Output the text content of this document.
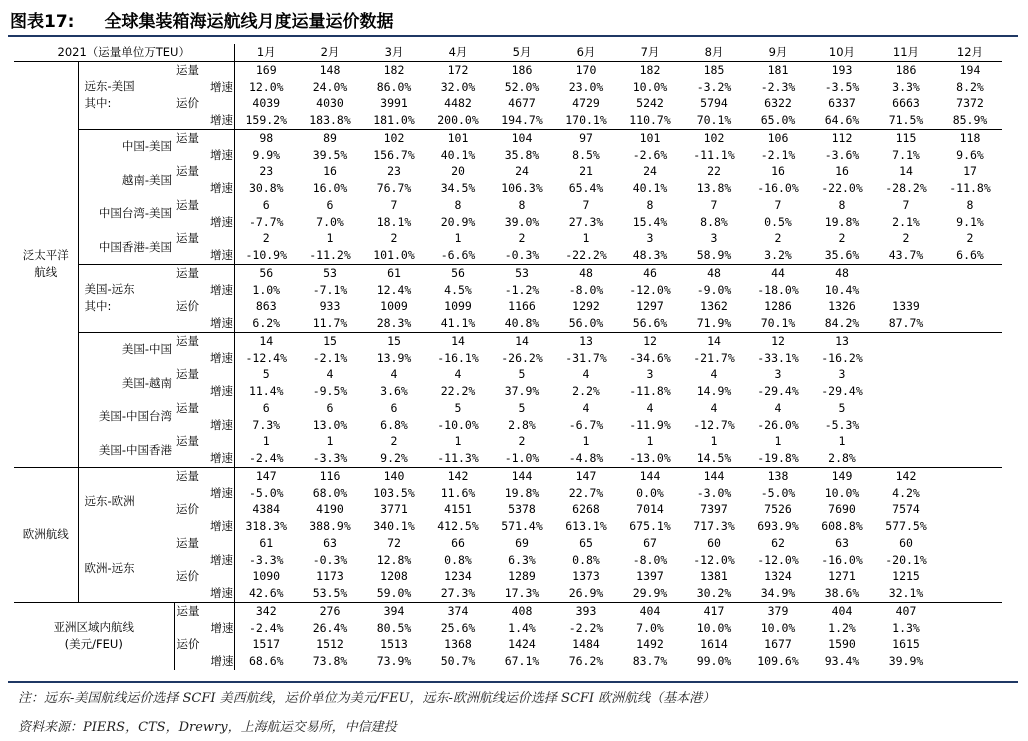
图表17: 全球集装箱海运航线月度运量运价数据
2021（运量单位万TEU）				1月	2月	3月	4月	5月	6月	7月	8月	9月	10月	11月	12月
泛太平洋航线	远东-美国
其中:	运量		169	148	182	172	186	170	182	185	181	193	186	194
		增速		12.0%	24.0%	86.0%	32.0%	52.0%	23.0%	10.0%	-3.2%	-2.3%	-3.5%	3.3%	8.2%
		运价		4039	4030	3991	4482	4677	4729	5242	5794	6322	6337	6663	7372
		增速		159.2%	183.8%	181.0%	200.0%	194.7%	170.1%	110.7%	70.1%	65.0%	64.6%	71.5%	85.9%
	中国-美国	运量		98	89	102	101	104	97	101	102	106	112	115	118
		增速		9.9%	39.5%	156.7%	40.1%	35.8%	8.5%	-2.6%	-11.1%	-2.1%	-3.6%	7.1%	9.6%
	越南-美国	运量		23	16	23	20	24	21	24	22	16	16	14	17
		增速		30.8%	16.0%	76.7%	34.5%	106.3%	65.4%	40.1%	13.8%	-16.0%	-22.0%	-28.2%	-11.8%
	中国台湾-美国	运量		6	6	7	8	8	7	8	7	7	8	7	8
		增速		-7.7%	7.0%	18.1%	20.9%	39.0%	27.3%	15.4%	8.8%	0.5%	19.8%	2.1%	9.1%
	中国香港-美国	运量		2	1	2	1	2	1	3	3	2	2	2	2
		增速		-10.9%	-11.2%	101.0%	-6.6%	-0.3%	-22.2%	48.3%	58.9%	3.2%	35.6%	43.7%	6.6%

	美国-远东
其中:	运量		56	53	61	56	53	48	46	48	44	48		
		增速		1.0%	-7.1%	12.4%	4.5%	-1.2%	-8.0%	-12.0%	-9.0%	-18.0%	10.4%		
		运价		863	933	1009	1099	1166	1292	1297	1362	1286	1326	1339	
		增速		6.2%	11.7%	28.3%	41.1%	40.8%	56.0%	56.6%	71.9%	70.1%	84.2%	87.7%	
	美国-中国	运量		14	15	15	14	14	13	12	14	12	13		
		增速		-12.4%	-2.1%	13.9%	-16.1%	-26.2%	-31.7%	-34.6%	-21.7%	-33.1%	-16.2%		
	美国-越南	运量		5	4	4	4	5	4	3	4	3	3		
		增速		11.4%	-9.5%	3.6%	22.2%	37.9%	2.2%	-11.8%	14.9%	-29.4%	-29.4%		
	美国-中国台湾	运量		6	6	6	5	5	4	4	4	4	5		
		增速		7.3%	13.0%	6.8%	-10.0%	2.8%	-6.7%	-11.9%	-12.7%	-26.0%	-5.3%		
	美国-中国香港	运量		1	1	2	1	2	1	1	1	1	1		
		增速		-2.4%	-3.3%	9.2%	-11.3%	-1.0%	-4.8%	-13.0%	14.5%	-19.8%	2.8%		
欧洲航线	远东-欧洲	运量		147	116	140	142	144	147	144	144	138	149	142	
		增速		-5.0%	68.0%	103.5%	11.6%	19.8%	22.7%	0.0%	-3.0%	-5.0%	10.0%	4.2%	
		运价		4384	4190	3771	4151	5378	6268	7014	7397	7526	7690	7574	
		增速		318.3%	388.9%	340.1%	412.5%	571.4%	613.1%	675.1%	717.3%	693.9%	608.8%	577.5%	

	欧洲-远东	运量		61	63	72	66	69	65	67	60	62	63	60	
		增速		-3.3%	-0.3%	12.8%	0.8%	6.3%	0.8%	-8.0%	-12.0%	-12.0%	-16.0%	-20.1%	
		运价		1090	1173	1208	1234	1289	1373	1397	1381	1324	1271	1215	
		增速		42.6%	53.5%	59.0%	27.3%	17.3%	26.9%	29.9%	30.2%	34.9%	38.6%	32.1%	

亚洲区域内航线
(美元/FEU)		运量		342	276	394	374	408	393	404	417	379	404	407	
		增速		-2.4%	26.4%	80.5%	25.6%	1.4%	-2.2%	7.0%	10.0%	10.0%	1.2%	1.3%	
		运价		1517	1512	1513	1368	1424	1484	1492	1614	1677	1590	1615	
		增速		68.6%	73.8%	73.9%	50.7%	67.1%	76.2%	83.7%	99.0%	109.6%	93.4%	39.9%	
注：远东-美国航线运价选择 SCFI 美西航线，运价单位为美元/FEU，远东-欧洲航线运价选择 SCFI 欧洲航线（基本港）
资料来源：PIERS，CTS，Drewry，上海航运交易所，中信建投
